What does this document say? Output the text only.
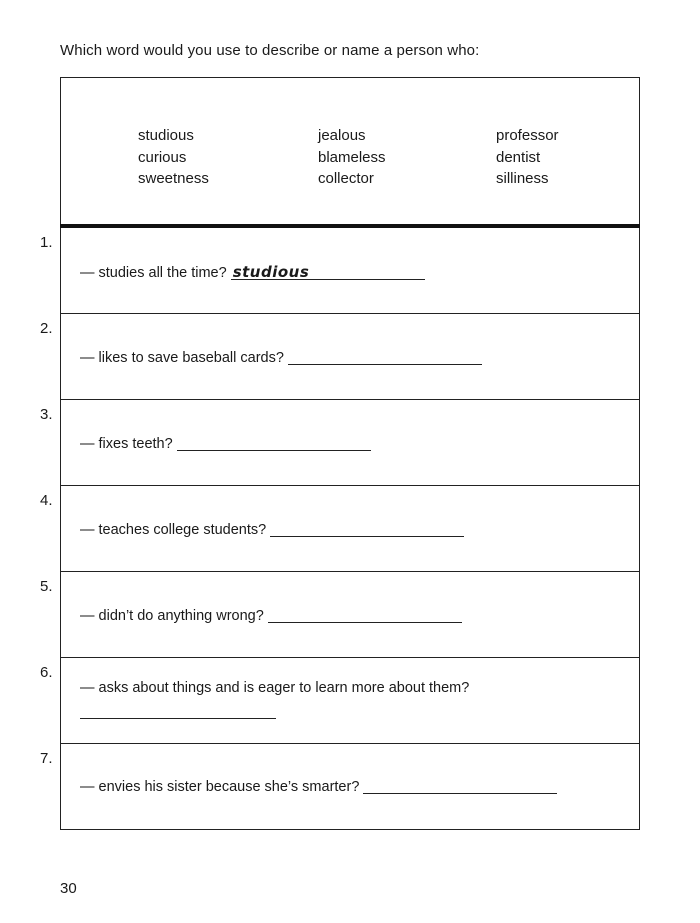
Which word would you use to describe or name a person who:
studious
curious
sweetness
jealous
blameless
collector
professor
dentist
silliness
1.
— studies all the time? studious
2.
— likes to save baseball cards?
3.
— fixes teeth?
4.
— teaches college students?
5.
— didn’t do anything wrong?
6.
— asks about things and is eager to learn more about them?
7.
— envies his sister because she’s smarter?
30
